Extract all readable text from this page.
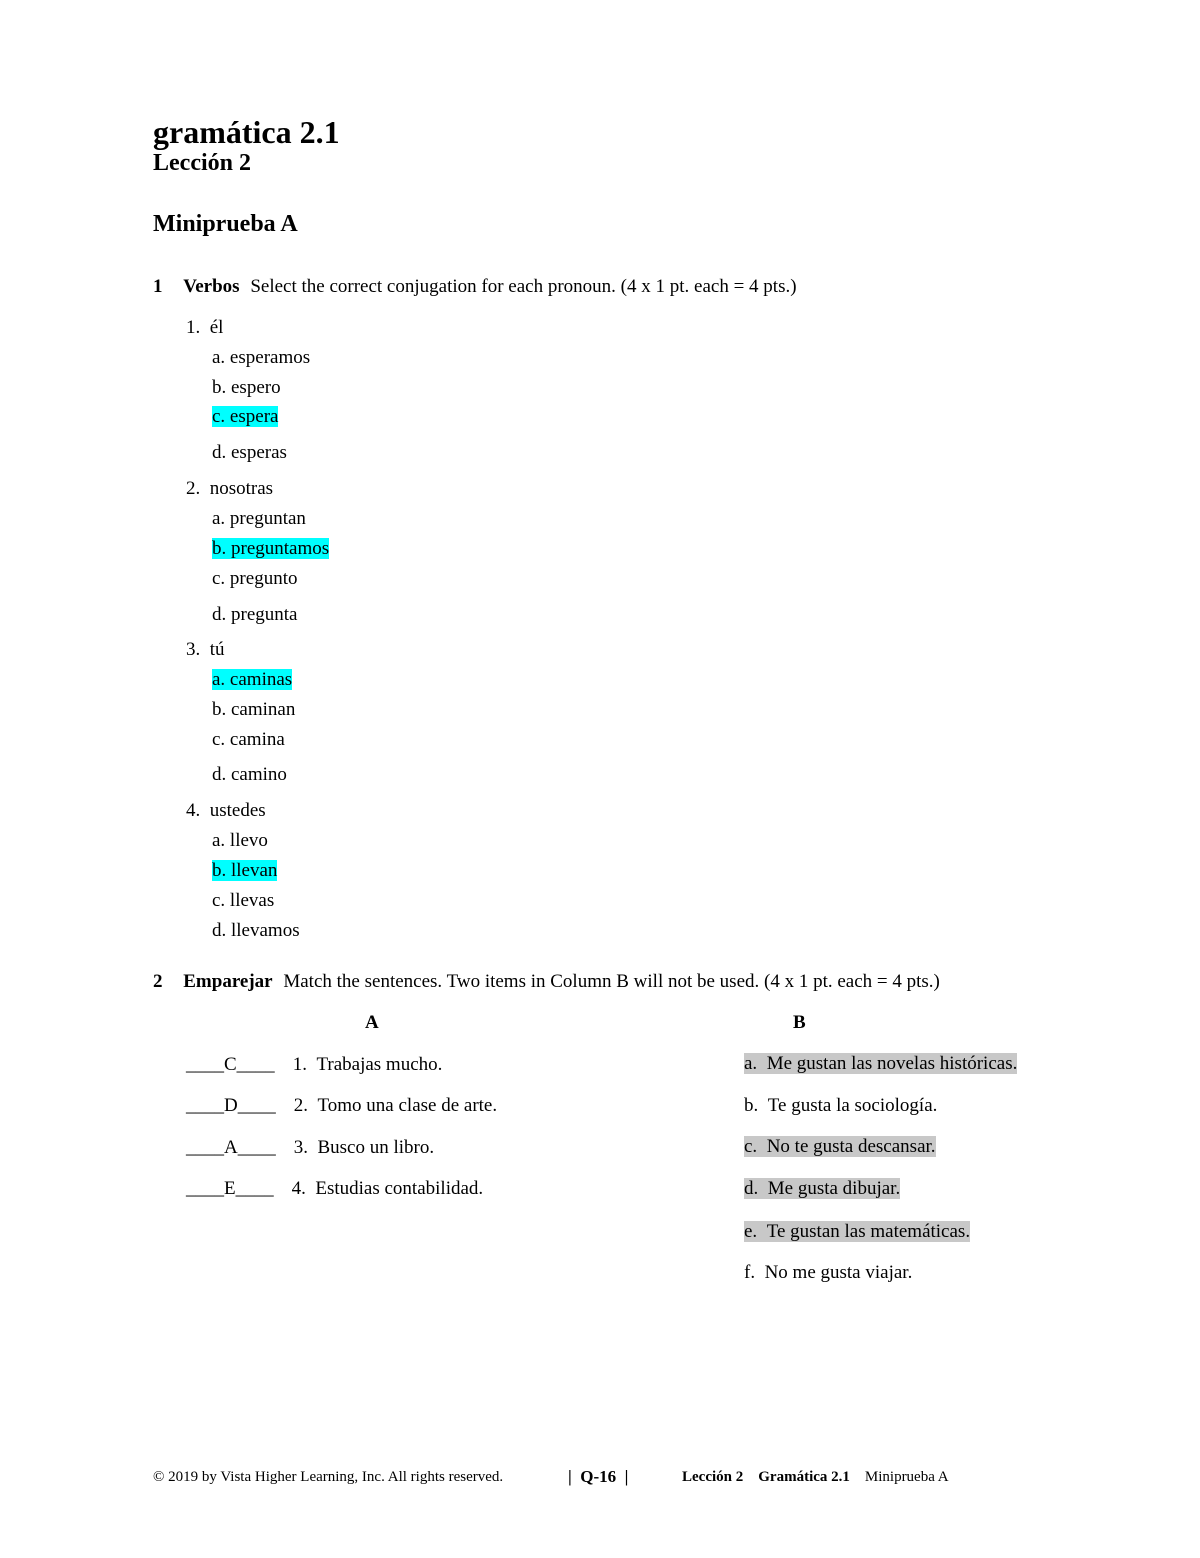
gramática 2.1
Lección 2
Miniprueba A
1 Verbos Select the correct conjugation for each pronoun. (4 x 1 pt. each = 4 pts.)
1. él
a. esperamos
b. espero
c. espera
d. esperas
2. nosotras
a. preguntan
b. preguntamos
c. pregunto
d. pregunta
3. tú
a. caminas
b. caminan
c. camina
d. camino
4. ustedes
a. llevo
b. llevan
c. llevas
d. llevamos
2 Emparejar Match the sentences. Two items in Column B will not be used. (4 x 1 pt. each = 4 pts.)
A	B
____C____ 1. Trabajas mucho.
____D____ 2. Tomo una clase de arte.
____A____ 3. Busco un libro.
____E____ 4. Estudias contabilidad.
a. Me gustan las novelas históricas.
b. Te gusta la sociología.
c. No te gusta descansar.
d. Me gusta dibujar.
e. Te gustan las matemáticas.
f. No me gusta viajar.
© 2019 by Vista Higher Learning, Inc. All rights reserved.	| Q-16 |	Lección 2 Gramática 2.1 Miniprueba A
